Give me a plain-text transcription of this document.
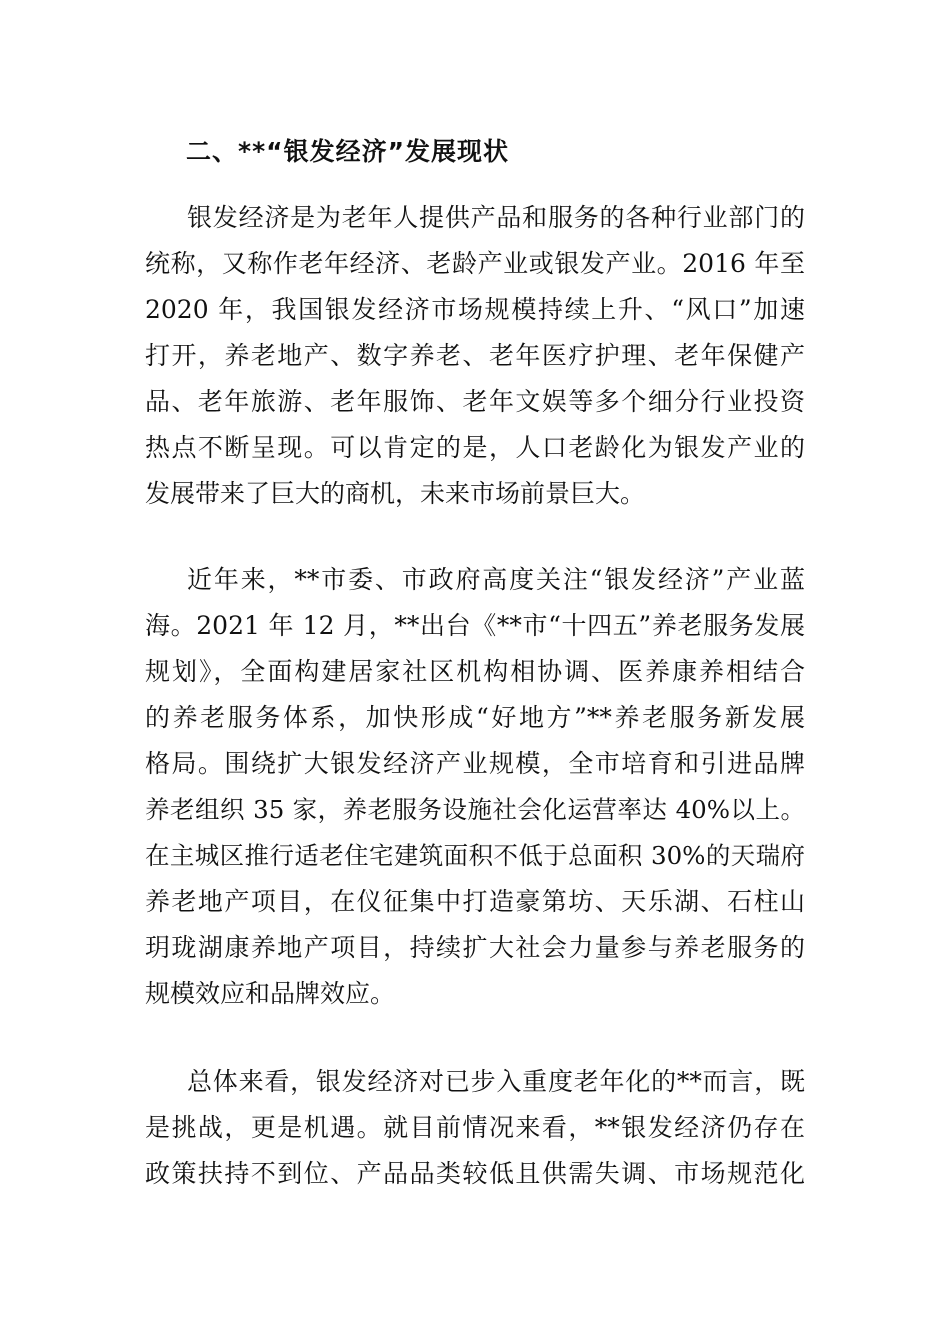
二、**“银发经济”发展现状
银发经济是为老年人提供产品和服务的各种行业部门的
统称，又称作老年经济、老龄产业或银发产业。2016 年至
2020 年，我国银发经济市场规模持续上升、“风口”加速
打开，养老地产、数字养老、老年医疗护理、老年保健产
品、老年旅游、老年服饰、老年文娱等多个细分行业投资
热点不断呈现。可以肯定的是，人口老龄化为银发产业的
发展带来了巨大的商机，未来市场前景巨大。
近年来，**市委、市政府高度关注“银发经济”产业蓝
海。2021 年 12 月，**出台《**市“十四五”养老服务发展
规划》，全面构建居家社区机构相协调、医养康养相结合
的养老服务体系，加快形成“好地方”**养老服务新发展
格局。围绕扩大银发经济产业规模，全市培育和引进品牌
养老组织 35 家，养老服务设施社会化运营率达 40%以上。
在主城区推行适老住宅建筑面积不低于总面积 30%的天瑞府
养老地产项目，在仪征集中打造豪第坊、天乐湖、石柱山
玥珑湖康养地产项目，持续扩大社会力量参与养老服务的
规模效应和品牌效应。
总体来看，银发经济对已步入重度老年化的**而言，既
是挑战，更是机遇。就目前情况来看，**银发经济仍存在
政策扶持不到位、产品品类较低且供需失调、市场规范化
